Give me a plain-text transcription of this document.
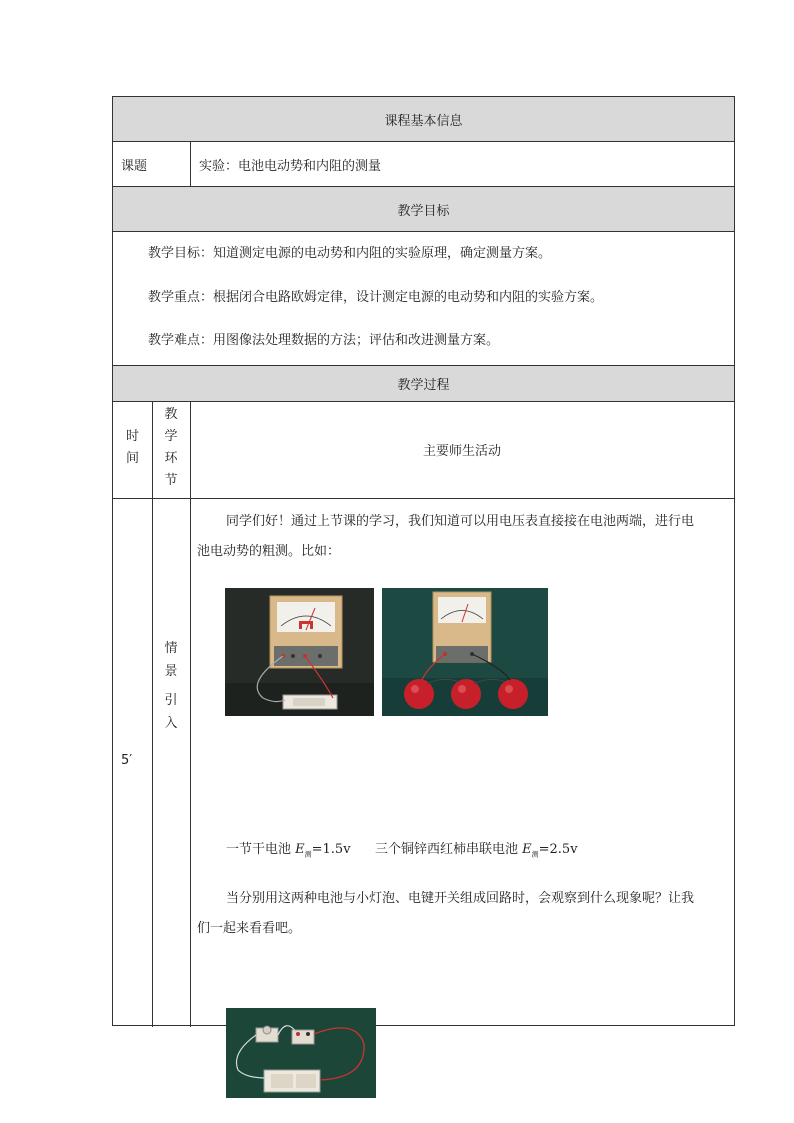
课程基本信息
课题	实验：电池电动势和内阻的测量
教学目标
教学目标：知道测定电源的电动势和内阻的实验原理，确定测量方案。
教学重点：根据闭合电路欧姆定律，设计测定电源的电动势和内阻的实验方案。
教学难点：用图像法处理数据的方法；评估和改进测量方案。
教学过程
时
间
教
学
环
节
主要师生活动
5′
情
景
引
入
同学们好！通过上节课的学习，我们知道可以用电压表直接接在电池两端，进行电
池电动势的粗测。比如：
一节干电池 $E_测=1.5v$ 三个铜锌西红柿串联电池 $E_测=2.5v$
当分别用这两种电池与小灯泡、电键开关组成回路时，会观察到什么现象呢？让我
们一起来看看吧。
